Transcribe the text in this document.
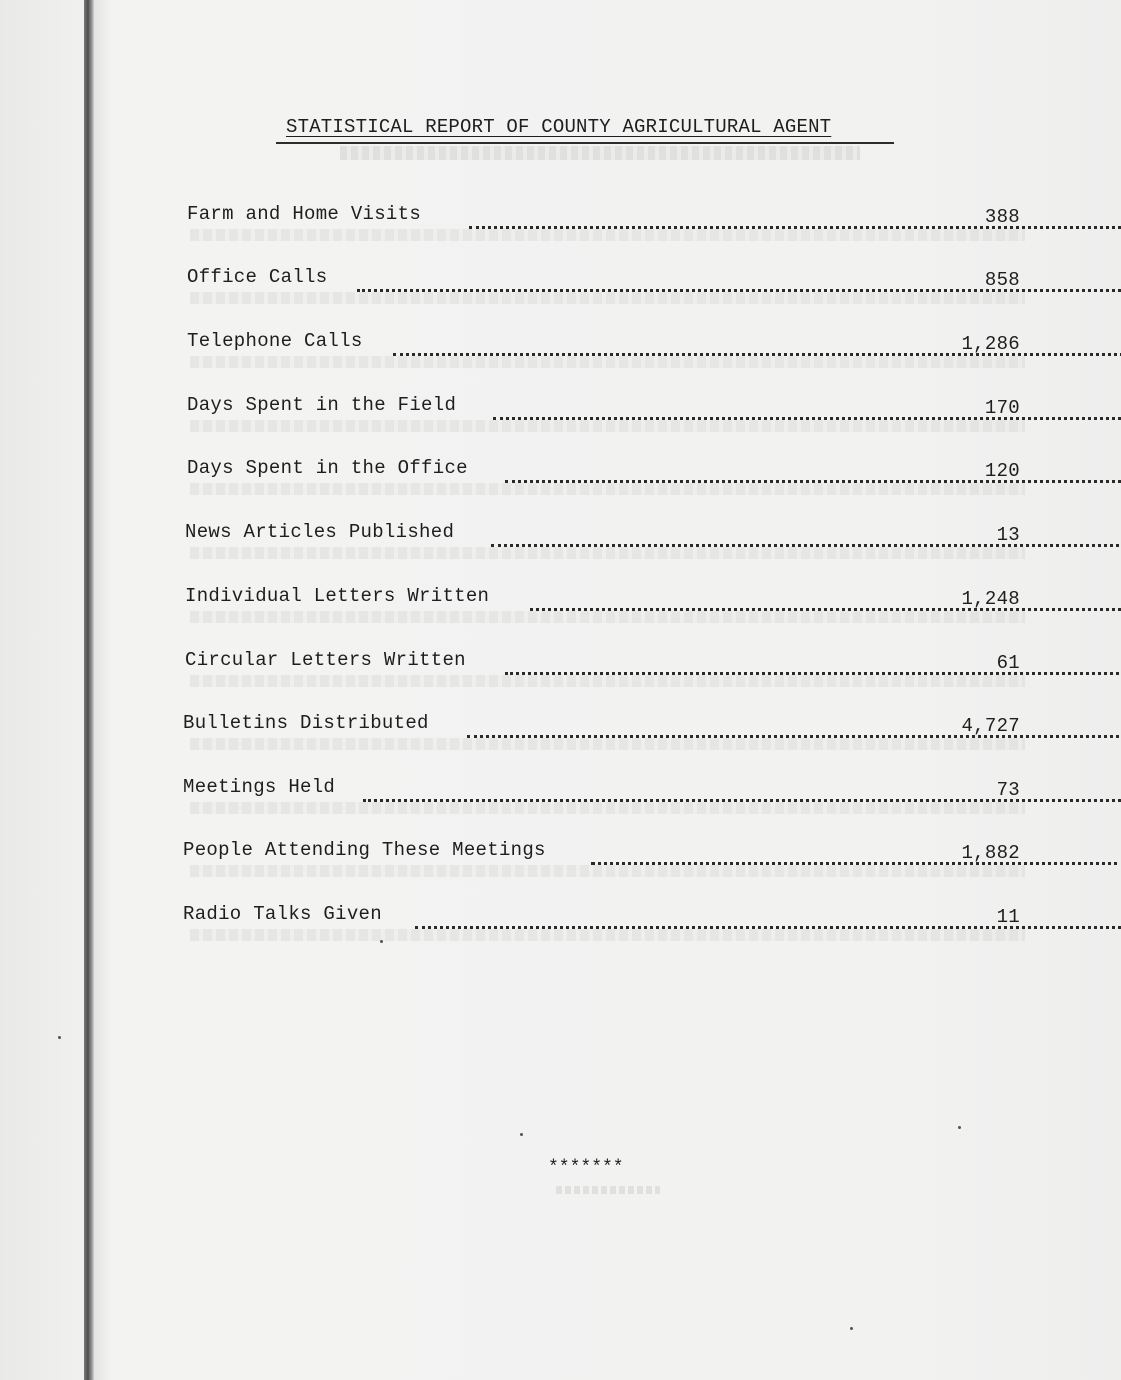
STATISTICAL REPORT OF COUNTY AGRICULTURAL AGENT
Farm and Home Visits	388
Office Calls	858
Telephone Calls	1,286
Days Spent in the Field	170
Days Spent in the Office	120
News Articles Published	13
Individual Letters Written	1,248
Circular Letters Written	61
Bulletins Distributed	4,727
Meetings Held	73
People Attending These Meetings	1,882
Radio Talks Given	11
*******
